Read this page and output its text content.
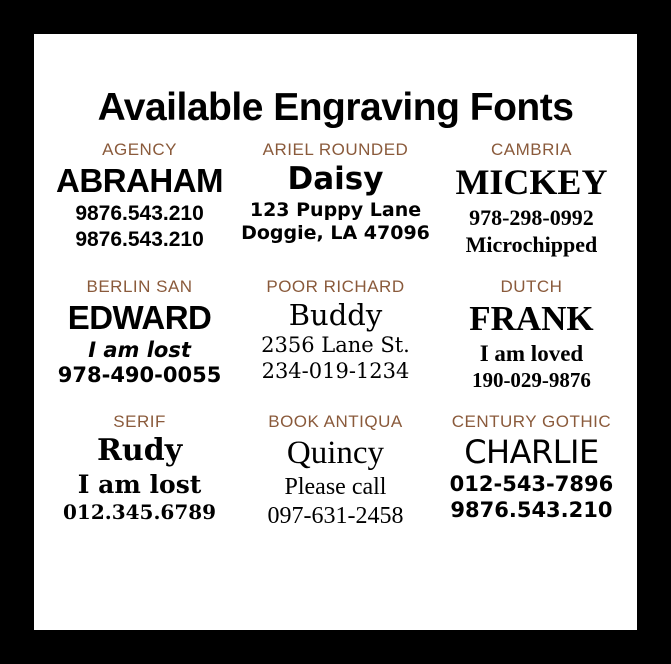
Available Engraving Fonts
AGENCY
ABRAHAM
9876.543.210
9876.543.210
ARIEL ROUNDED
Daisy
123 Puppy Lane
Doggie, LA 47096
CAMBRIA
MICKEY
978-298-0992
Microchipped
BERLIN SAN
EDWARD
I am lost
978-490-0055
POOR RICHARD
Buddy
2356 Lane St.
234-019-1234
DUTCH
FRANK
I am loved
190-029-9876
SERIF
Rudy
I am lost
012.345.6789
BOOK ANTIQUA
Quincy
Please call
097-631-2458
CENTURY GOTHIC
CHARLIE
012-543-7896
9876.543.210
